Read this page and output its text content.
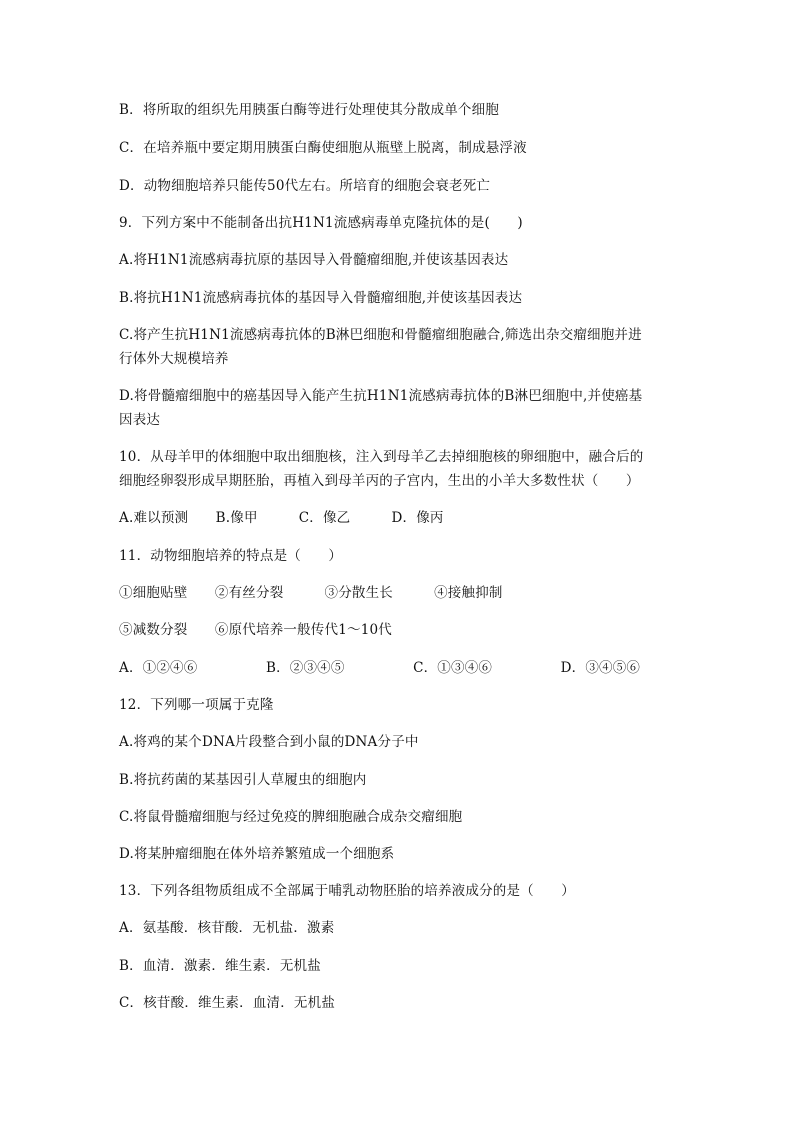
B．将所取的组织先用胰蛋白酶等进行处理使其分散成单个细胞
C．在培养瓶中要定期用胰蛋白酶使细胞从瓶壁上脱离，制成悬浮液
D．动物细胞培养只能传50代左右。所培育的细胞会衰老死亡
9．下列方案中不能制备出抗H1N1流感病毒单克隆抗体的是(　　)
A.将H1N1流感病毒抗原的基因导入骨髓瘤细胞,并使该基因表达
B.将抗H1N1流感病毒抗体的基因导入骨髓瘤细胞,并使该基因表达
C.将产生抗H1N1流感病毒抗体的B淋巴细胞和骨髓瘤细胞融合,筛选出杂交瘤细胞并进
行体外大规模培养
D.将骨髓瘤细胞中的癌基因导入能产生抗H1N1流感病毒抗体的B淋巴细胞中,并使癌基
因表达
10．从母羊甲的体细胞中取出细胞核，注入到母羊乙去掉细胞核的卵细胞中，融合后的
细胞经卵裂形成早期胚胎，再植入到母羊丙的子宫内，生出的小羊大多数性状（　　）
A.难以预测　　B.像甲　　　C．像乙　　　D．像丙
11．动物细胞培养的特点是（　　）
①细胞贴壁　　②有丝分裂　　　③分散生长　　　④接触抑制
⑤减数分裂　　⑥原代培养一般传代1～10代
A．①②④⑥　　　　　B．②③④⑤　　　　　C．①③④⑥　　　　　D．③④⑤⑥
12．下列哪一项属于克隆
A.将鸡的某个DNA片段整合到小鼠的DNA分子中
B.将抗药菌的某基因引人草履虫的细胞内
C.将鼠骨髓瘤细胞与经过免疫的脾细胞融合成杂交瘤细胞
D.将某肿瘤细胞在体外培养繁殖成一个细胞系
13．下列各组物质组成不全部属于哺乳动物胚胎的培养液成分的是（　　）
A．氨基酸．核苷酸．无机盐．激素
B．血清．激素．维生素．无机盐
C．核苷酸．维生素．血清．无机盐
